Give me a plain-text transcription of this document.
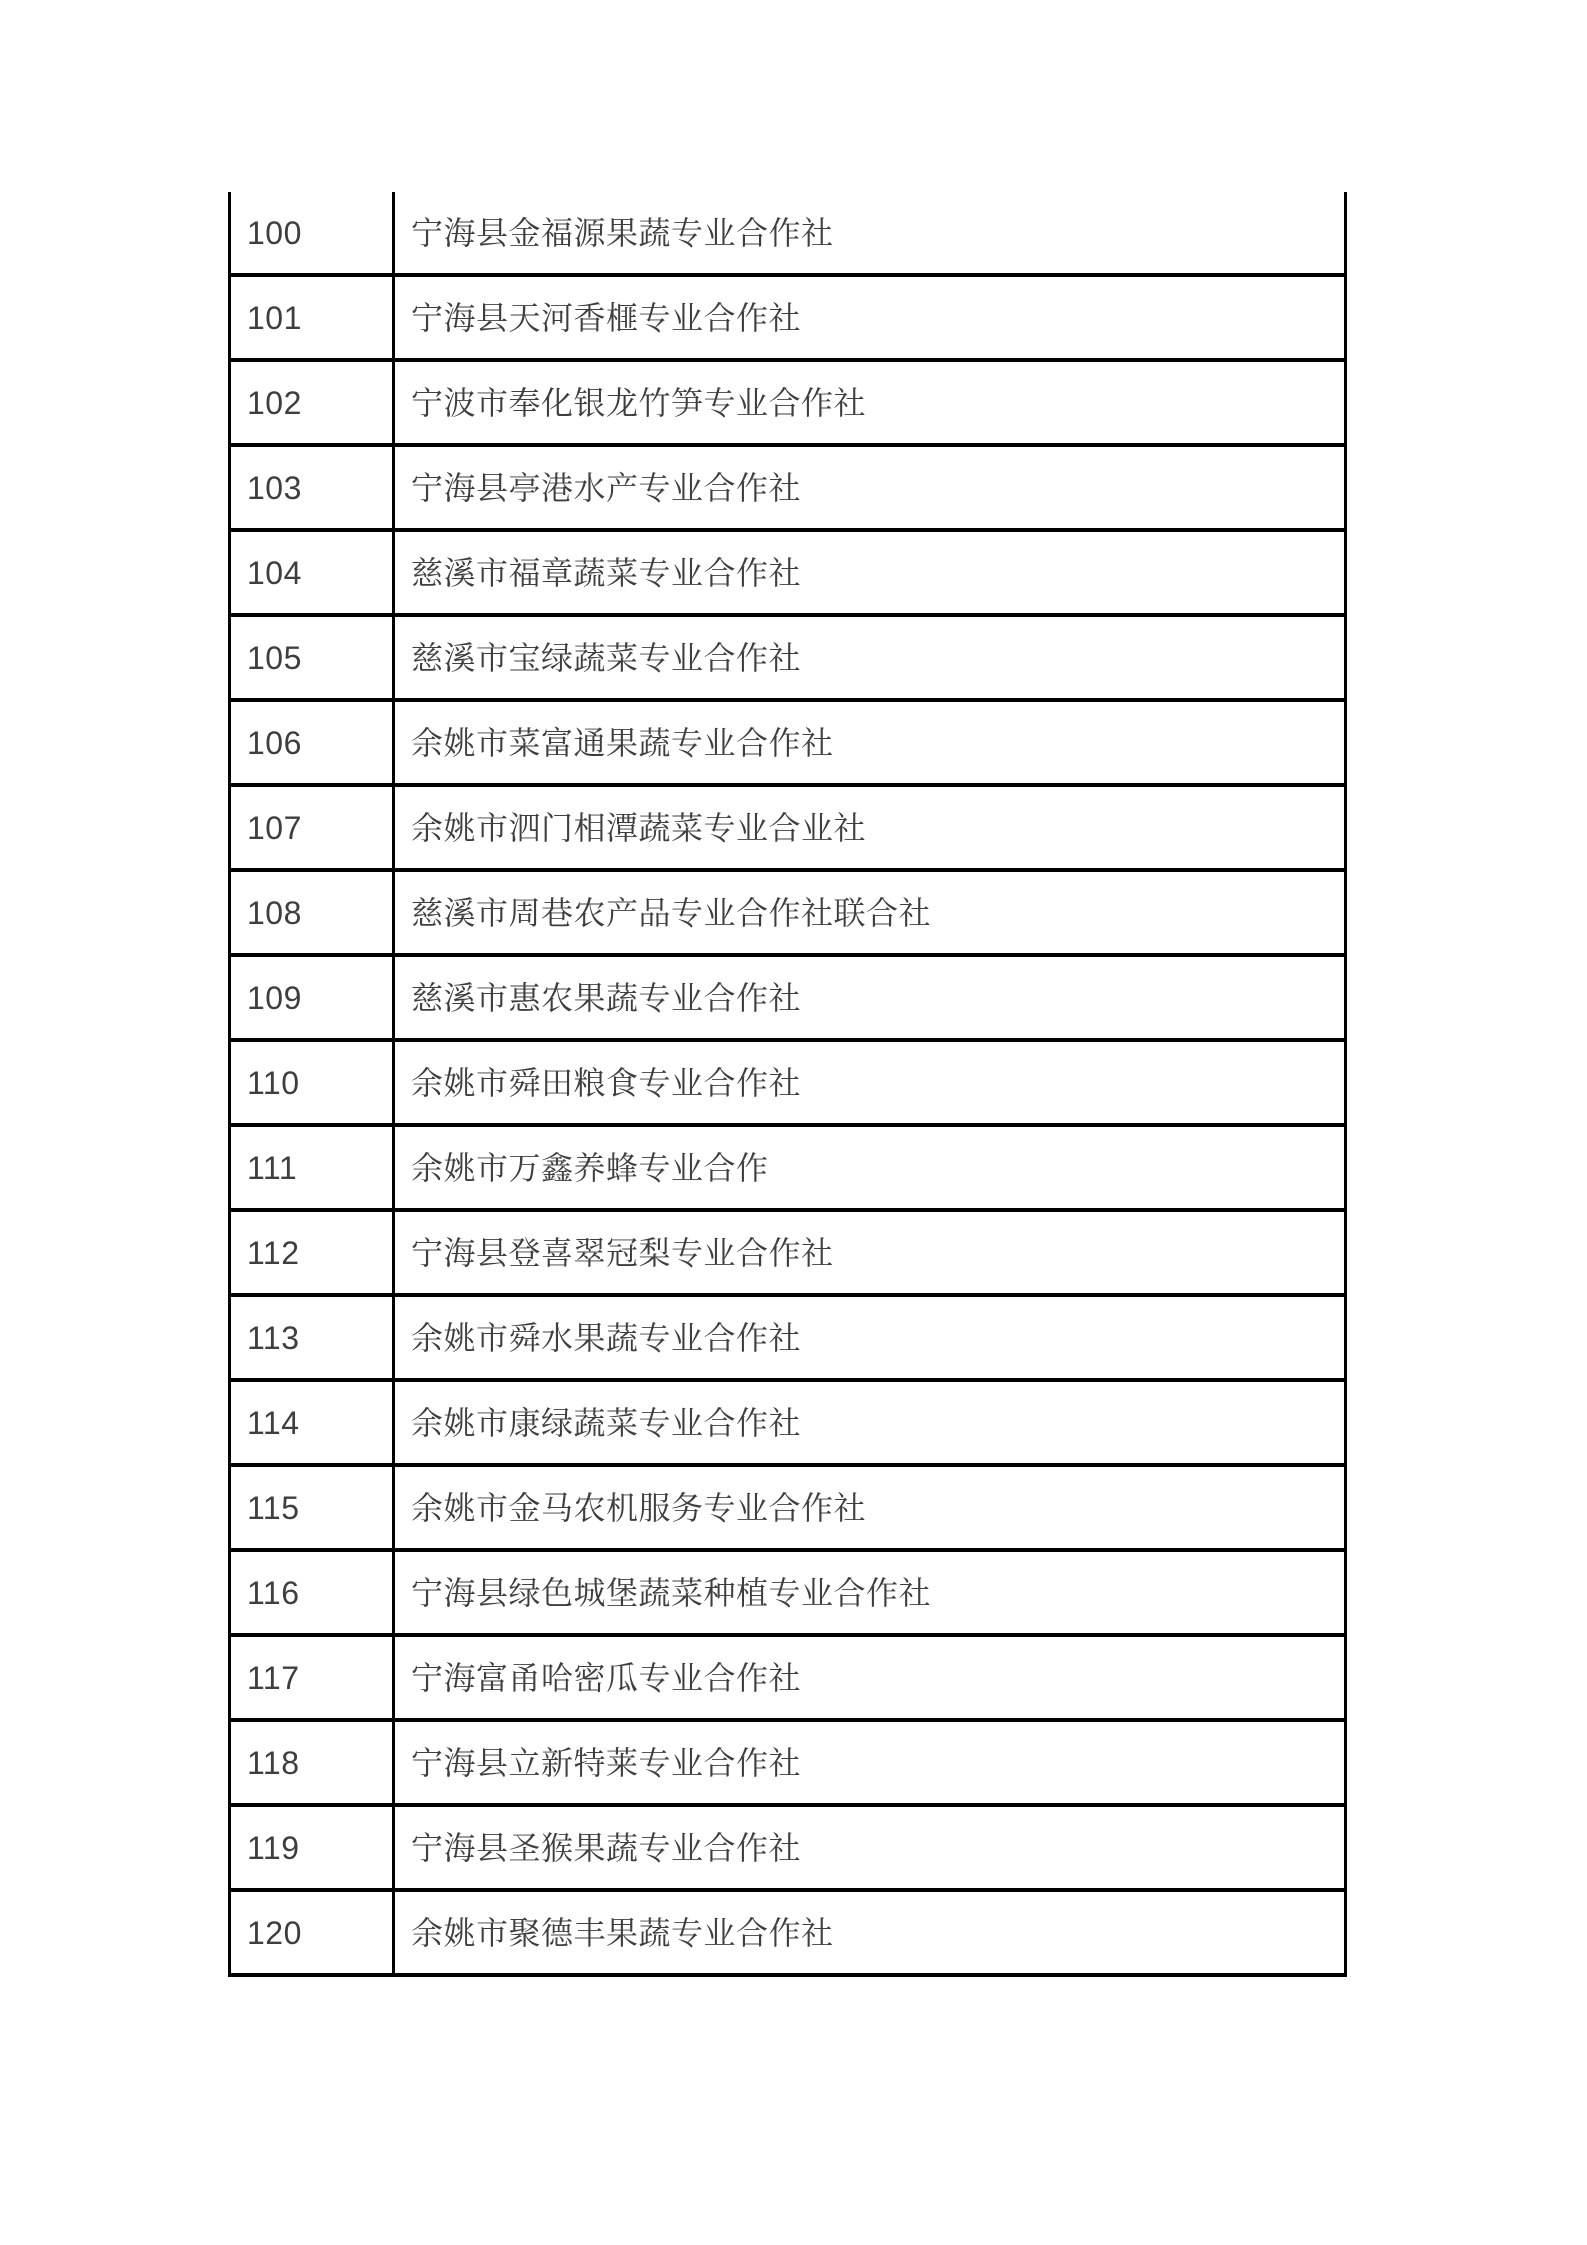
100	宁海县金福源果蔬专业合作社
101	宁海县天河香榧专业合作社
102	宁波市奉化银龙竹笋专业合作社
103	宁海县亭港水产专业合作社
104	慈溪市福章蔬菜专业合作社
105	慈溪市宝绿蔬菜专业合作社
106	余姚市菜富通果蔬专业合作社
107	余姚市泗门相潭蔬菜专业合业社
108	慈溪市周巷农产品专业合作社联合社
109	慈溪市惠农果蔬专业合作社
110	余姚市舜田粮食专业合作社
111	余姚市万鑫养蜂专业合作
112	宁海县登喜翠冠梨专业合作社
113	余姚市舜水果蔬专业合作社
114	余姚市康绿蔬菜专业合作社
115	余姚市金马农机服务专业合作社
116	宁海县绿色城堡蔬菜种植专业合作社
117	宁海富甬哈密瓜专业合作社
118	宁海县立新特莱专业合作社
119	宁海县圣猴果蔬专业合作社
120	余姚市聚德丰果蔬专业合作社
